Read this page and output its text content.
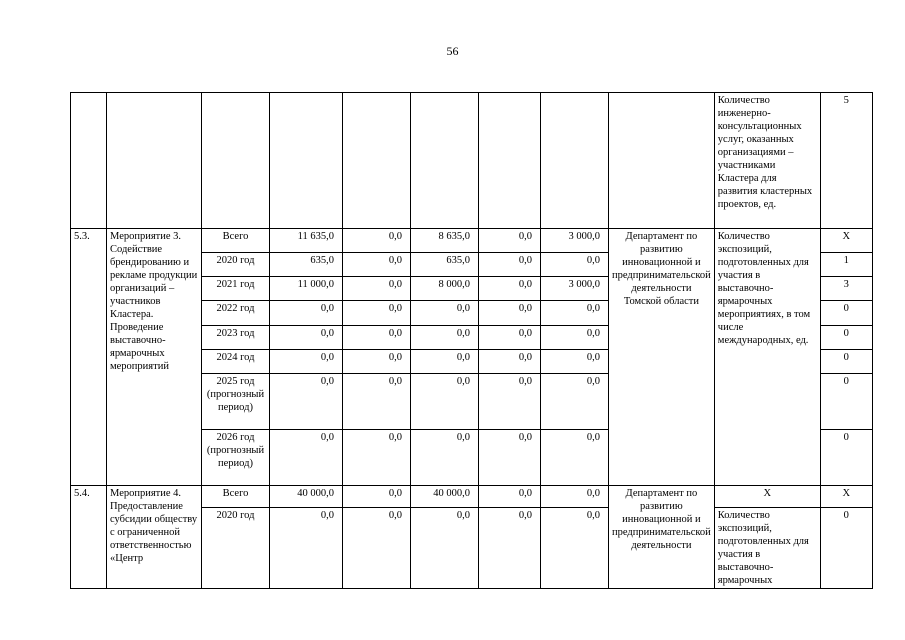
56
									Количество инженерно-консультационных услуг, оказанных организациями – участниками Кластера для развития кластерных проектов, ед.	5
5.3.	Мероприятие 3. Содействие брендированию и рекламе продукции организаций – участников Кластера. Проведение выставочно-ярмарочных мероприятий	Всего	11 635,0	0,0	8 635,0	0,0	3 000,0	Департамент по развитию инновационной и предпринимательской деятельности Томской области	Количество экспозиций, подготовленных для участия в выставочно-ярмарочных мероприятиях, в том числе международных, ед.	Х
		2020 год	635,0	0,0	635,0	0,0	0,0			1
		2021 год	11 000,0	0,0	8 000,0	0,0	3 000,0			3
		2022 год	0,0	0,0	0,0	0,0	0,0			0
		2023 год	0,0	0,0	0,0	0,0	0,0			0
		2024 год	0,0	0,0	0,0	0,0	0,0			0
		2025 год (прогнозный период)	0,0	0,0	0,0	0,0	0,0			0
		2026 год (прогнозный период)	0,0	0,0	0,0	0,0	0,0			0
5.4.	Мероприятие 4. Предоставление субсидии обществу с ограниченной ответственностью «Центр	Всего	40 000,0	0,0	40 000,0	0,0	0,0	Департамент по развитию инновационной и предпринимательской деятельности	Х	Х
		2020 год	0,0	0,0	0,0	0,0	0,0		Количество экспозиций, подготовленных для участия в выставочно-ярмарочных	0
